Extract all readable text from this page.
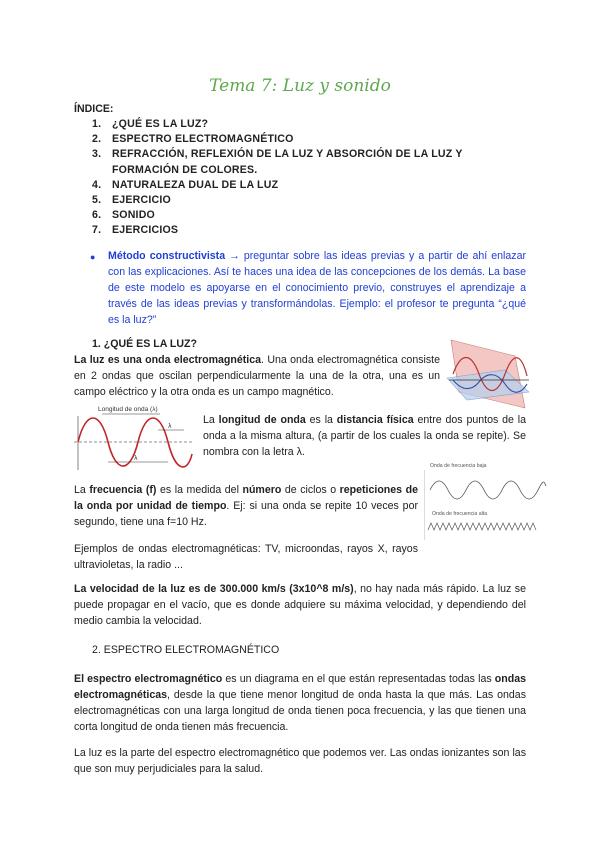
Tema 7: Luz y sonido
ÍNDICE:
1. ¿QUÉ ES LA LUZ?
2. ESPECTRO ELECTROMAGNÉTICO
3. REFRACCIÓN, REFLEXIÓN DE LA LUZ Y ABSORCIÓN DE LA LUZ Y
FORMACIÓN DE COLORES.
4. NATURALEZA DUAL DE LA LUZ
5. EJERCICIO
6. SONIDO
7. EJERCICIOS
● Método constructivista → preguntar sobre las ideas previas y a partir de ahí enlazar con las explicaciones. Así te haces una idea de las concepciones de los demás. La base de este modelo es apoyarse en el conocimiento previo, construyes el aprendizaje a través de las ideas previas y transformándolas. Ejemplo: el profesor te pregunta “¿qué es la luz?”
1. ¿QUÉ ES LA LUZ?
La luz es una onda electromagnética. Una onda electromagnética consiste en 2 ondas que oscilan perpendicularmente la una de la otra, una es un campo eléctrico y la otra onda es un campo magnético.
Longitud de onda (λ)
λ
λ
La longitud de onda es la distancia física entre dos puntos de la onda a la misma altura, (a partir de los cuales la onda se repite). Se nombra con la letra λ.
Onda de frecuencia baja
Onda de frecuencia alta
La frecuencia (f) es la medida del número de ciclos o repeticiones de la onda por unidad de tiempo. Ej: si una onda se repite 10 veces por segundo, tiene una f=10 Hz.
Ejemplos de ondas electromagnéticas: TV, microondas, rayos X, rayos ultravioletas, la radio ...
La velocidad de la luz es de 300.000 km/s (3x10^8 m/s), no hay nada más rápido. La luz se puede propagar en el vacío, que es donde adquiere su máxima velocidad, y dependiendo del medio cambia la velocidad.
2. ESPECTRO ELECTROMAGNÉTICO
El espectro electromagnético es un diagrama en el que están representadas todas las ondas electromagnéticas, desde la que tiene menor longitud de onda hasta la que más. Las ondas electromagnéticas con una larga longitud de onda tienen poca frecuencia, y las que tienen una corta longitud de onda tienen más frecuencia.
La luz es la parte del espectro electromagnético que podemos ver. Las ondas ionizantes son las que son muy perjudiciales para la salud.
